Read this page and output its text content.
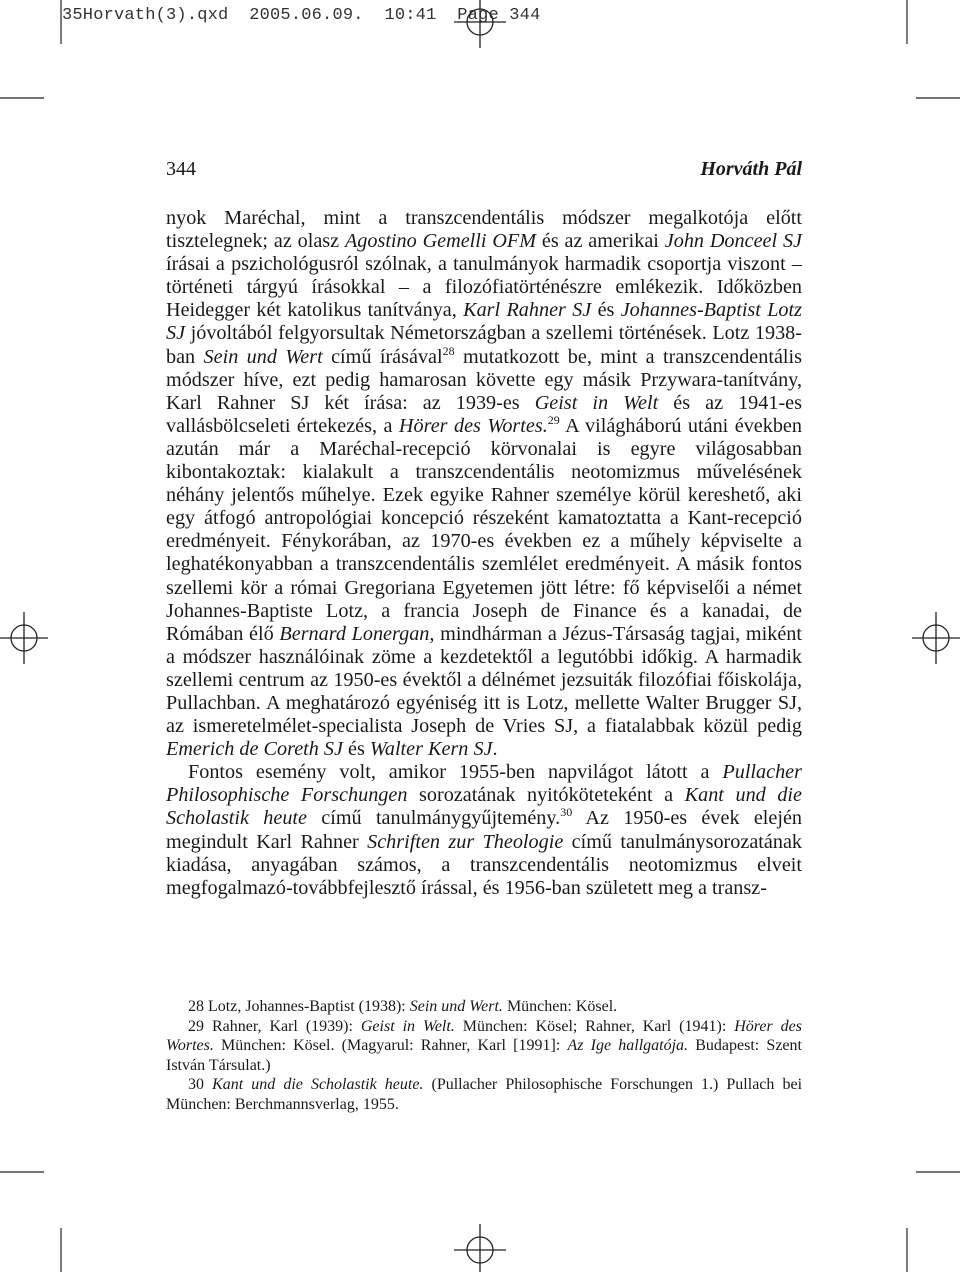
35Horvath(3).qxd  2005.06.09.  10:41  Page 344
344	Horváth Pál

nyok Maréchal, mint a transzcendentális módszer megalkotója előtt tisztelegnek; az olasz Agostino Gemelli OFM és az amerikai John Donceel SJ írásai a pszichológusról szólnak, a tanulmányok harmadik csoportja viszont – történeti tárgyú írásokkal – a filozófiatörténészre emlékezik. Időközben Heidegger két katolikus tanítványa, Karl Rahner SJ és Johannes-Baptist Lotz SJ jóvoltából felgyorsultak Németországban a szellemi történések. Lotz 1938-ban Sein und Wert című írásával$^{28}$ mutatkozott be, mint a transzcendentális módszer híve, ezt pedig hamarosan követte egy másik Przywara-tanítvány, Karl Rahner SJ két írása: az 1939-es Geist in Welt és az 1941-es vallásbölcseleti értekezés, a Hörer des Wortes.$^{29}$ A világháború utáni években azután már a Maréchal-recepció körvonalai is egyre világosabban kibontakoztak: kialakult a transzcendentális neotomizmus művelésének néhány jelentős műhelye. Ezek egyike Rahner személye körül kereshető, aki egy átfogó antropológiai koncepció részeként kamatoztatta a Kant-recepció eredményeit. Fénykorában, az 1970-es években ez a műhely képviselte a leghatékonyabban a transzcendentális szemlélet eredményeit. A másik fontos szellemi kör a római Gregoriana Egyetemen jött létre: fő képviselői a német Johannes-Baptiste Lotz, a francia Joseph de Finance és a kanadai, de Rómában élő Bernard Lonergan, mindhárman a Jézus-Társaság tagjai, miként a módszer használóinak zöme a kezdetektől a legutóbbi időkig. A harmadik szellemi centrum az 1950-es évektől a délnémet jezsuiták filozófiai főiskolája, Pullachban. A meghatározó egyéniség itt is Lotz, mellette Walter Brugger SJ, az ismeretelmélet-specialista Joseph de Vries SJ, a fiatalabbak közül pedig Emerich de Coreth SJ és Walter Kern SJ.

Fontos esemény volt, amikor 1955-ben napvilágot látott a Pullacher Philosophische Forschungen sorozatának nyitóköteteként a Kant und die Scholastik heute című tanulmánygyűjtemény.$^{30}$ Az 1950-es évek elején megindult Karl Rahner Schriften zur Theologie című tanulmánysorozatának kiadása, anyagában számos, a transzcendentális neotomizmus elveit megfogalmazó-továbbfejlesztő írással, és 1956-ban született meg a transz-

28 Lotz, Johannes-Baptist (1938): Sein und Wert. München: Kösel.

29 Rahner, Karl (1939): Geist in Welt. München: Kösel; Rahner, Karl (1941): Hörer des Wortes. München: Kösel. (Magyarul: Rahner, Karl [1991]: Az Ige hallgatója. Budapest: Szent István Társulat.)

30 Kant und die Scholastik heute. (Pullacher Philosophische Forschungen 1.) Pullach bei München: Berchmannsverlag, 1955.
